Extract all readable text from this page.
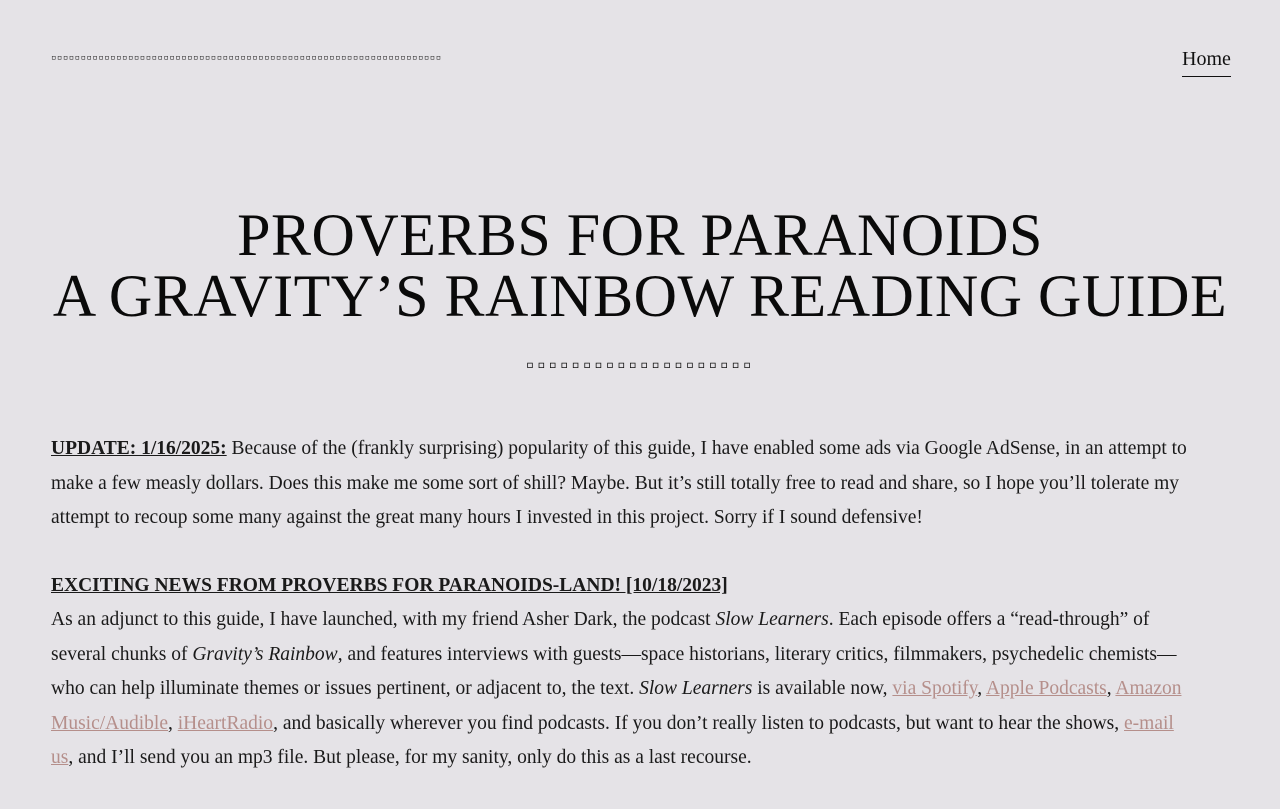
▫▫▫▫▫▫▫▫▫▫▫▫▫▫▫▫▫▫▫▫▫▫▫▫▫▫▫▫▫▫▫▫▫▫▫▫▫▫▫▫▫▫▫▫▫▫▫▫▫▫▫▫▫▫▫▫▫▫▫▫▫▫▫▫▫▫	Home
PROVERBS FOR PARANOIDS
A GRAVITY’S RAINBOW READING GUIDE
▫▫▫▫▫▫▫▫▫▫▫▫▫▫▫▫▫▫▫▫

UPDATE: 1/16/2025: Because of the (frankly surprising) popularity of this guide, I have enabled some ads via Google AdSense, in an attempt to make a few measly dollars. Does this make me some sort of shill? Maybe. But it’s still totally free to read and share, so I hope you’ll tolerate my attempt to recoup some many against the great many hours I invested in this project. Sorry if I sound defensive!

EXCITING NEWS FROM PROVERBS FOR PARANOIDS-LAND! [10/18/2023]
As an adjunct to this guide, I have launched, with my friend Asher Dark, the podcast Slow Learners. Each episode offers a “read-through” of several chunks of Gravity’s Rainbow, and features interviews with guests—space historians, literary critics, filmmakers, psychedelic chemists—who can help illuminate themes or issues pertinent, or adjacent to, the text. Slow Learners is available now, via Spotify, Apple Podcasts, Amazon Music/Audible, iHeartRadio, and basically wherever you find podcasts. If you don’t really listen to podcasts, but want to hear the shows, e-mail us, and I’ll send you an mp3 file. But please, for my sanity, only do this as a last recourse.
